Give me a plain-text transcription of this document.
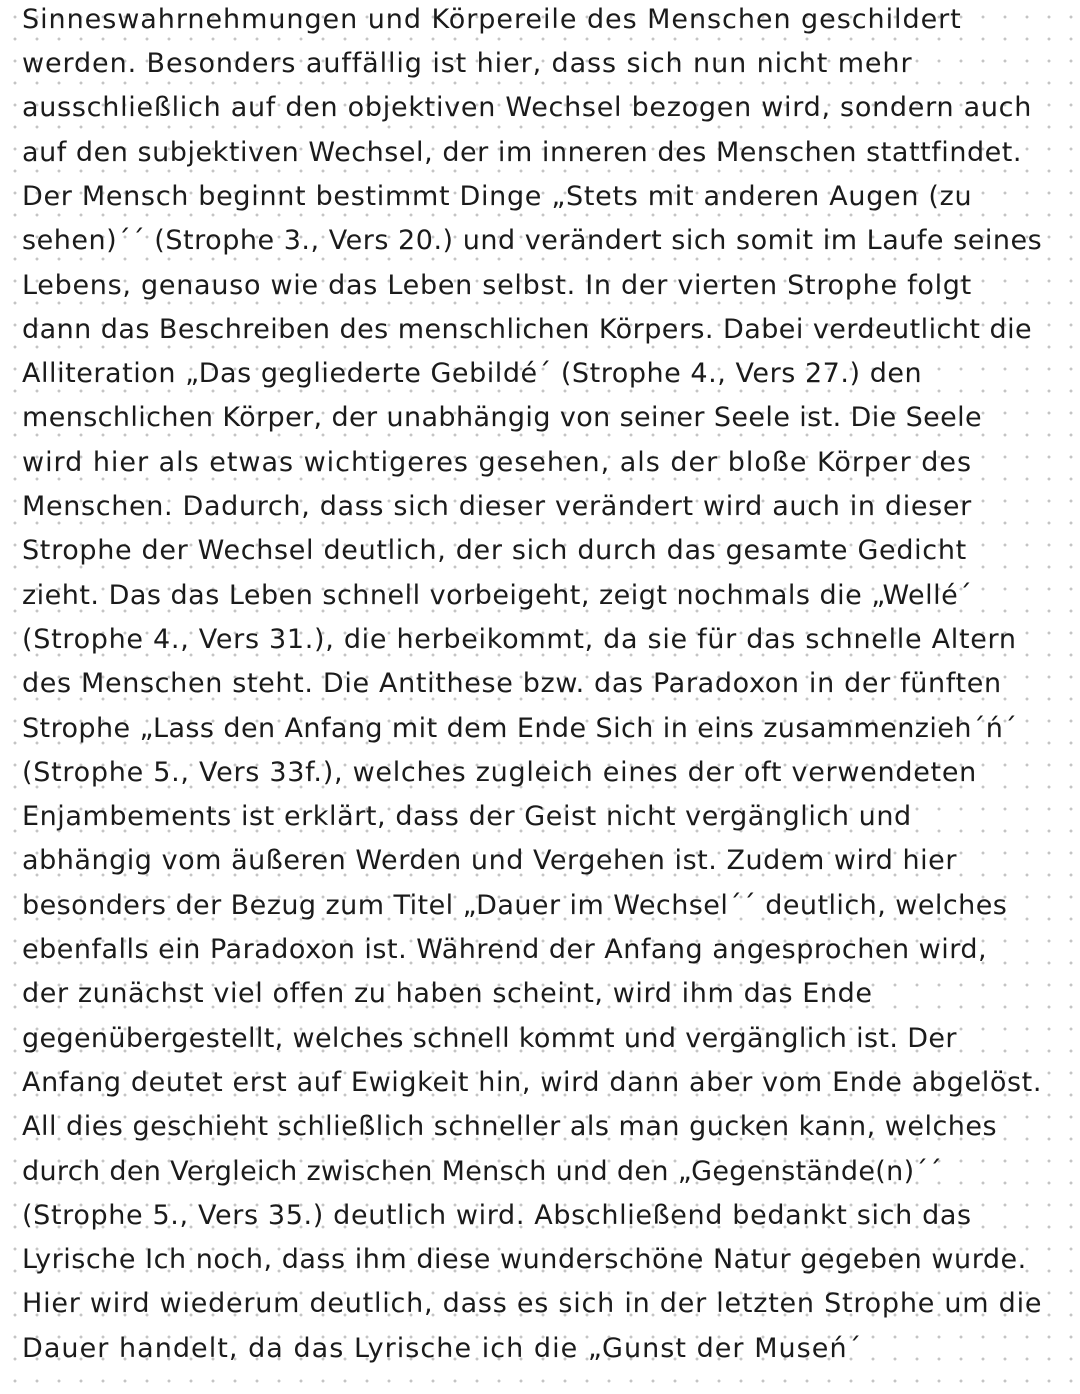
Sinneswahrnehmungen und Körpereile des Menschen geschildert
werden. Besonders auffällig ist hier, dass sich nun nicht mehr
ausschließlich auf den objektiven Wechsel bezogen wird, sondern auch
auf den subjektiven Wechsel, der im inneren des Menschen stattfindet.
Der Mensch beginnt bestimmt Dinge „Stets mit anderen Augen (zu
sehen)´´ (Strophe 3., Vers 20.) und verändert sich somit im Laufe seines
Lebens, genauso wie das Leben selbst. In der vierten Strophe folgt
dann das Beschreiben des menschlichen Körpers. Dabei verdeutlicht die
Alliteration „Das gegliederte Gebildé´ (Strophe 4., Vers 27.) den
menschlichen Körper, der unabhängig von seiner Seele ist. Die Seele
wird hier als etwas wichtigeres gesehen, als der bloße Körper des
Menschen. Dadurch, dass sich dieser verändert wird auch in dieser
Strophe der Wechsel deutlich, der sich durch das gesamte Gedicht
zieht. Das das Leben schnell vorbeigeht, zeigt nochmals die „Wellé´
(Strophe 4., Vers 31.), die herbeikommt, da sie für das schnelle Altern
des Menschen steht. Die Antithese bzw. das Paradoxon in der fünften
Strophe „Lass den Anfang mit dem Ende Sich in eins zusammenzieh´ń´
(Strophe 5., Vers 33f.), welches zugleich eines der oft verwendeten
Enjambements ist erklärt, dass der Geist nicht vergänglich und
abhängig vom äußeren Werden und Vergehen ist. Zudem wird hier
besonders der Bezug zum Titel „Dauer im Wechsel´´ deutlich, welches
ebenfalls ein Paradoxon ist. Während der Anfang angesprochen wird,
der zunächst viel offen zu haben scheint, wird ihm das Ende
gegenübergestellt, welches schnell kommt und vergänglich ist. Der
Anfang deutet erst auf Ewigkeit hin, wird dann aber vom Ende abgelöst.
All dies geschieht schließlich schneller als man gucken kann, welches
durch den Vergleich zwischen Mensch und den „Gegenstände(n)´´
(Strophe 5., Vers 35.) deutlich wird. Abschließend bedankt sich das
Lyrische Ich noch, dass ihm diese wunderschöne Natur gegeben wurde.
Hier wird wiederum deutlich, dass es sich in der letzten Strophe um die
Dauer handelt, da das Lyrische ich die „Gunst der Museń´
